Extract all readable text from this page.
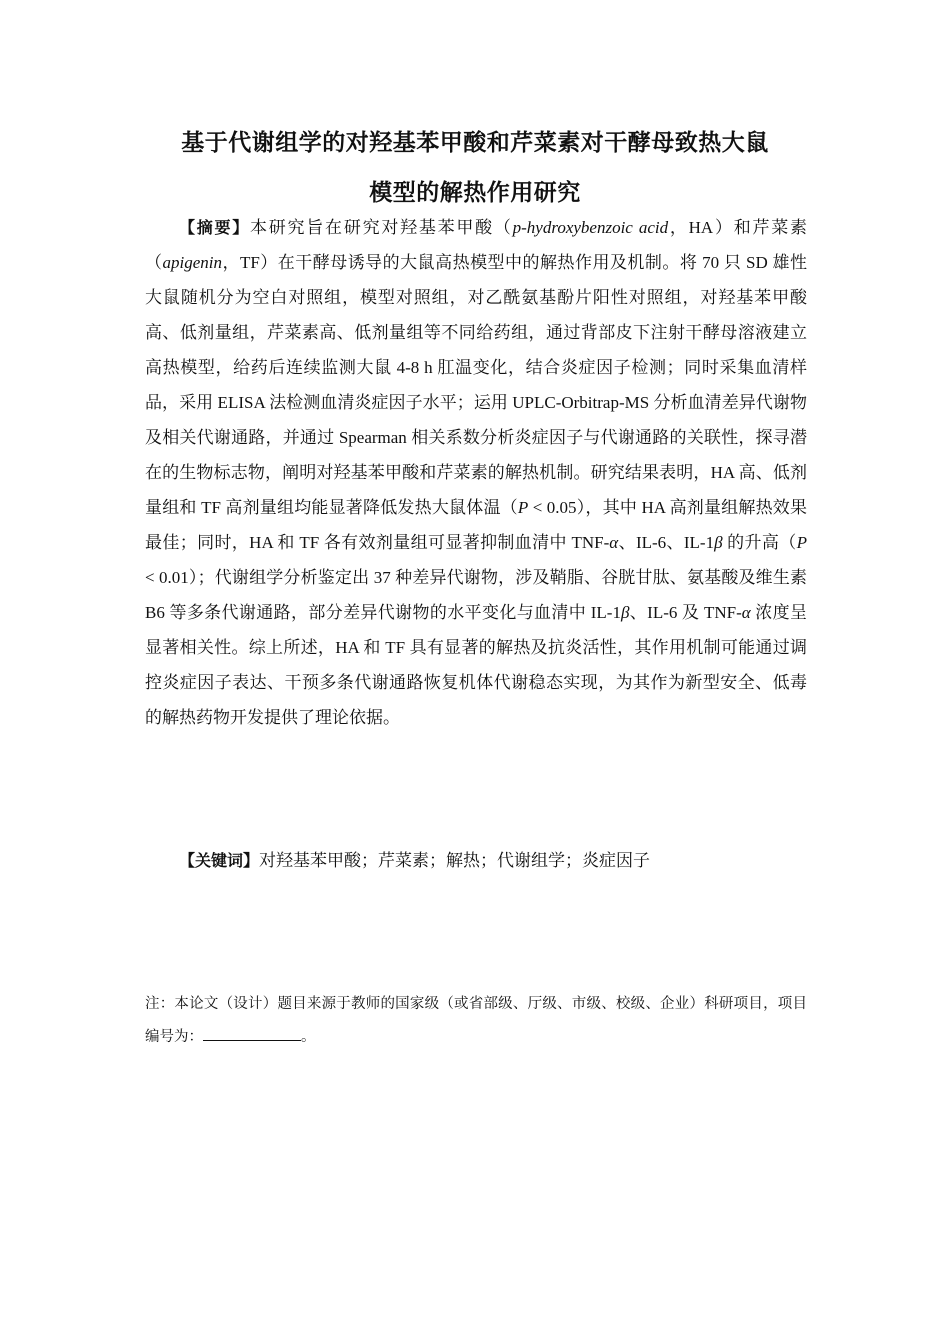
基于代谢组学的对羟基苯甲酸和芹菜素对干酵母致热大鼠
模型的解热作用研究

【摘要】本研究旨在研究对羟基苯甲酸（p-hydroxybenzoic acid，HA）和芹菜素（apigenin，TF）在干酵母诱导的大鼠高热模型中的解热作用及机制。将 70 只 SD 雄性大鼠随机分为空白对照组，模型对照组，对乙酰氨基酚片阳性对照组，对羟基苯甲酸高、低剂量组，芹菜素高、低剂量组等不同给药组，通过背部皮下注射干酵母溶液建立高热模型，给药后连续监测大鼠 4-8 h 肛温变化，结合炎症因子检测；同时采集血清样品，采用 ELISA 法检测血清炎症因子水平；运用 UPLC-Orbitrap-MS 分析血清差异代谢物及相关代谢通路，并通过 Spearman 相关系数分析炎症因子与代谢通路的关联性，探寻潜在的生物标志物，阐明对羟基苯甲酸和芹菜素的解热机制。研究结果表明，HA 高、低剂量组和 TF 高剂量组均能显著降低发热大鼠体温（P < 0.05），其中 HA 高剂量组解热效果最佳；同时，HA 和 TF 各有效剂量组可显著抑制血清中 TNF-α、IL-6、IL-1β 的升高（P < 0.01）；代谢组学分析鉴定出 37 种差异代谢物，涉及鞘脂、谷胱甘肽、氨基酸及维生素 B6 等多条代谢通路，部分差异代谢物的水平变化与血清中 IL-1β、IL-6 及 TNF-α 浓度呈显著相关性。综上所述，HA 和 TF 具有显著的解热及抗炎活性，其作用机制可能通过调控炎症因子表达、干预多条代谢通路恢复机体代谢稳态实现，为其作为新型安全、低毒的解热药物开发提供了理论依据。

【关键词】对羟基苯甲酸；芹菜素；解热；代谢组学；炎症因子

注：本论文（设计）题目来源于教师的国家级（或省部级、厅级、市级、校级、企业）科研项目，项目编号为：	。
